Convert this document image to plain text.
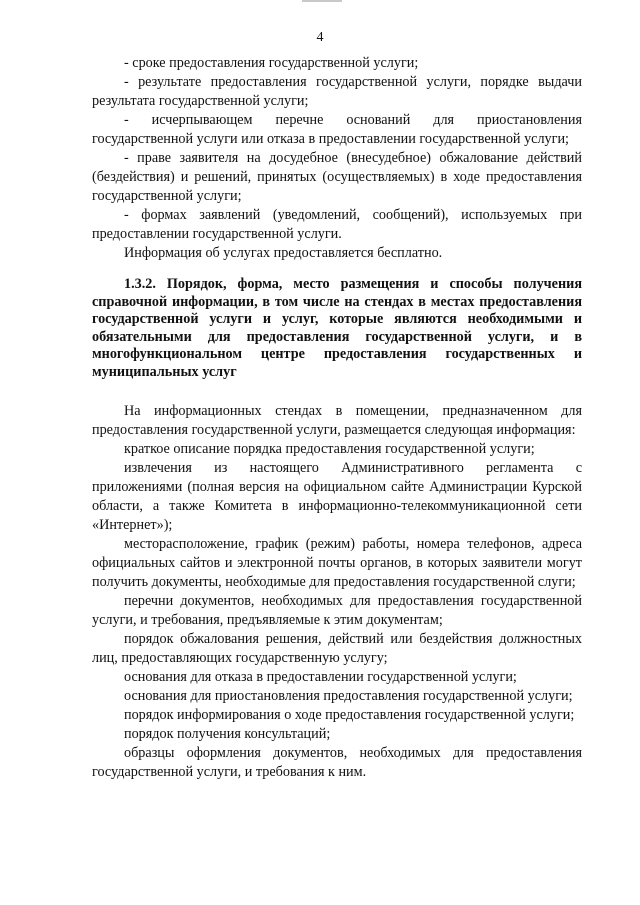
4

- сроке предоставления государственной услуги;

- результате предоставления государственной услуги, порядке выдачи результата государственной услуги;

- исчерпывающем перечне оснований для приостановления государственной услуги или отказа в предоставлении государственной услуги;

- праве заявителя на досудебное (внесудебное) обжалование действий (бездействия) и решений, принятых (осуществляемых) в ходе предоставления государственной услуги;

- формах заявлений (уведомлений, сообщений), используемых при предоставлении государственной услуги.

Информация об услугах предоставляется бесплатно.

1.3.2. Порядок, форма, место размещения и способы получения справочной информации, в том числе на стендах в местах предоставления государственной услуги и услуг, которые являются необходимыми и обязательными для предоставления государственной услуги, и в многофункциональном центре предоставления государственных и муниципальных услуг

На информационных стендах в помещении, предназначенном для предоставления государственной услуги, размещается следующая информация:

краткое описание порядка предоставления государственной услуги;

извлечения из настоящего Административного регламента с приложениями (полная версия на официальном сайте Администрации Курской области, а также Комитета в информационно-телекоммуникационной сети «Интернет»);

месторасположение, график (режим) работы, номера телефонов, адреса официальных сайтов и электронной почты органов, в которых заявители могут получить документы, необходимые для предоставления государственной слуги;

перечни документов, необходимых для предоставления государственной услуги, и требования, предъявляемые к этим документам;

порядок обжалования решения, действий или бездействия должностных лиц, предоставляющих государственную услугу;

основания для отказа в предоставлении государственной услуги;

основания для приостановления предоставления государственной услуги;

порядок информирования о ходе предоставления государственной услуги;

порядок получения консультаций;

образцы оформления документов, необходимых для предоставления государственной услуги, и требования к ним.
